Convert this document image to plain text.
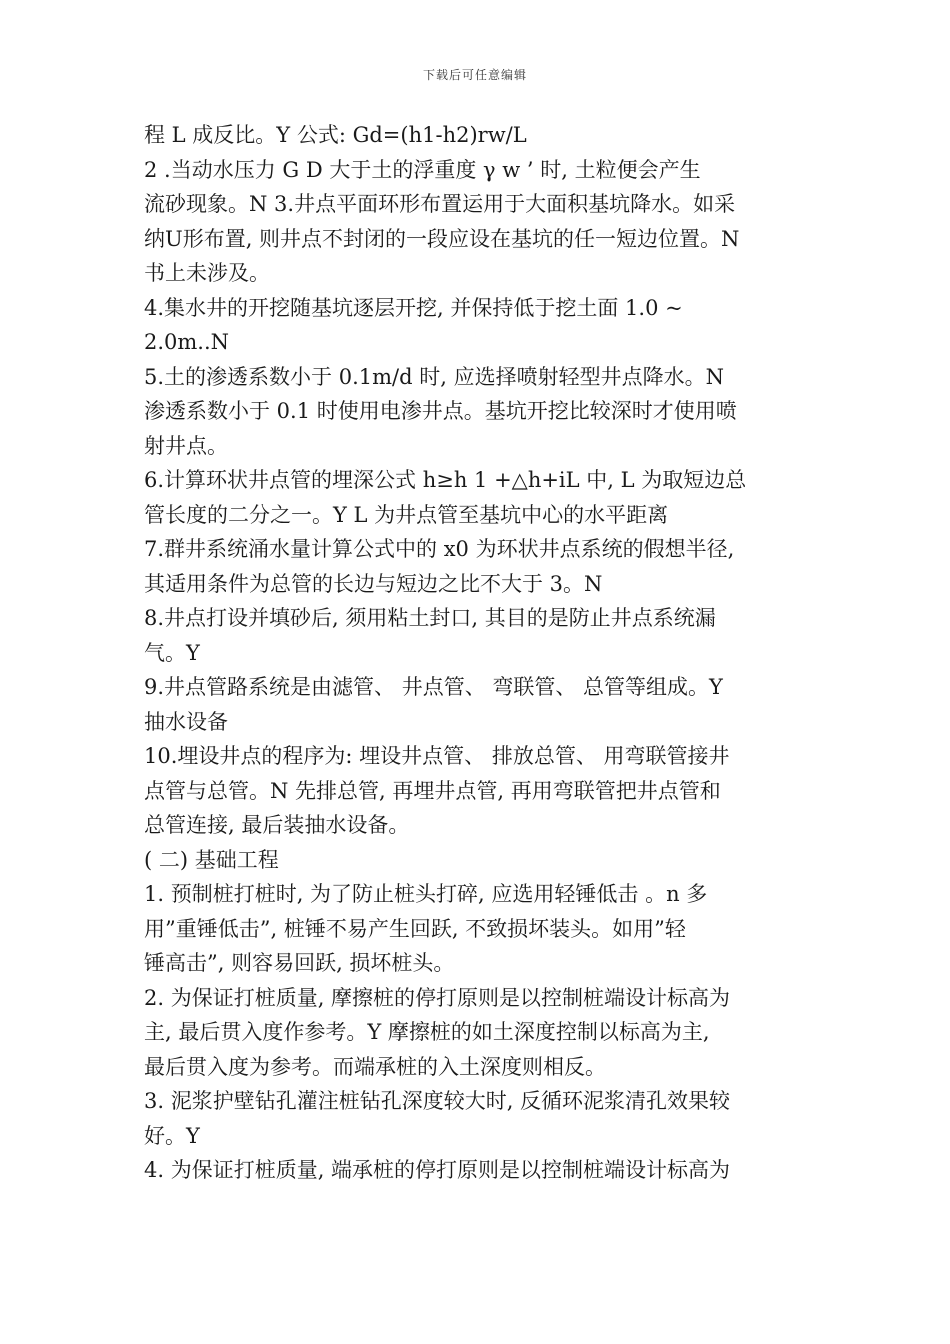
下载后可任意编辑
程 L 成反比。Y 公式: Gd=(h1-h2)rw/L
2 .当动水压力 G D 大于土的浮重度 γ w ’ 时, 土粒便会产生
流砂现象。N 3.井点平面环形布置运用于大面积基坑降水。如采
纳U形布置, 则井点不封闭的一段应设在基坑的任一短边位置。N
书上未涉及。
4.集水井的开挖随基坑逐层开挖, 并保持低于挖土面 1.0 ~
2.0m..N
5.土的渗透系数小于 0.1m/d 时, 应选择喷射轻型井点降水。N
渗透系数小于 0.1 时使用电渗井点。基坑开挖比较深时才使用喷
射井点。
6.计算环状井点管的埋深公式 h≥h 1 +△h+iL 中, L 为取短边总
管长度的二分之一。Y L 为井点管至基坑中心的水平距离
7.群井系统涌水量计算公式中的 x0 为环状井点系统的假想半径,
其适用条件为总管的长边与短边之比不大于 3。N
8.井点打设并填砂后, 须用粘土封口, 其目的是防止井点系统漏
气。Y
9.井点管路系统是由滤管、 井点管、 弯联管、 总管等组成。Y
抽水设备
10.埋设井点的程序为: 埋设井点管、 排放总管、 用弯联管接井
点管与总管。N 先排总管, 再埋井点管, 再用弯联管把井点管和
总管连接, 最后装抽水设备。
( 二) 基础工程
1. 预制桩打桩时, 为了防止桩头打碎, 应选用轻锤低击 。n 多
用”重锤低击”, 桩锤不易产生回跃, 不致损坏装头。如用”轻
锤高击”, 则容易回跃, 损坏桩头。
2. 为保证打桩质量, 摩擦桩的停打原则是以控制桩端设计标高为
主, 最后贯入度作参考。Y 摩擦桩的如土深度控制以标高为主,
最后贯入度为参考。而端承桩的入土深度则相反。
3. 泥浆护壁钻孔灌注桩钻孔深度较大时, 反循环泥浆清孔效果较
好。Y
4. 为保证打桩质量, 端承桩的停打原则是以控制桩端设计标高为
